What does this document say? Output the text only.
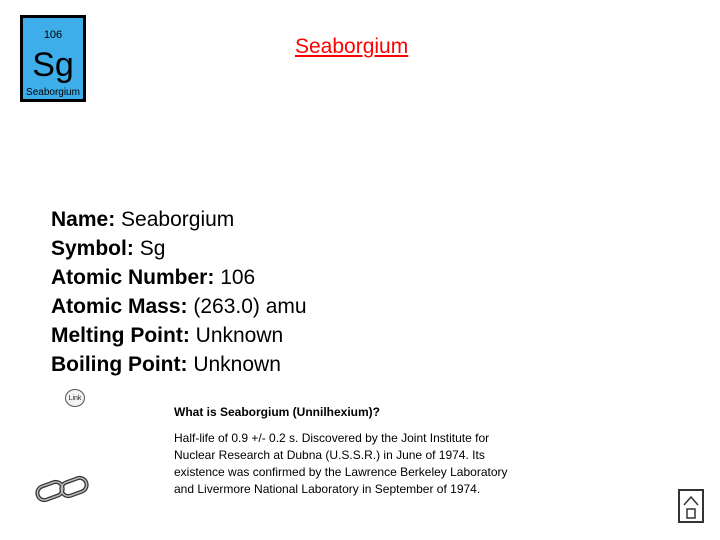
106
Sg
Seaborgium
Seaborgium
Name: Seaborgium
Symbol: Sg
Atomic Number: 106
Atomic Mass: (263.0) amu
Melting Point: Unknown
Boiling Point: Unknown
Link
What is Seaborgium (Unnilhexium)?
Half-life of 0.9 +/- 0.2 s. Discovered by the Joint Institute for Nuclear Research at Dubna (U.S.S.R.) in June of 1974. Its existence was confirmed by the Lawrence Berkeley Laboratory and Livermore National Laboratory in September of 1974.
